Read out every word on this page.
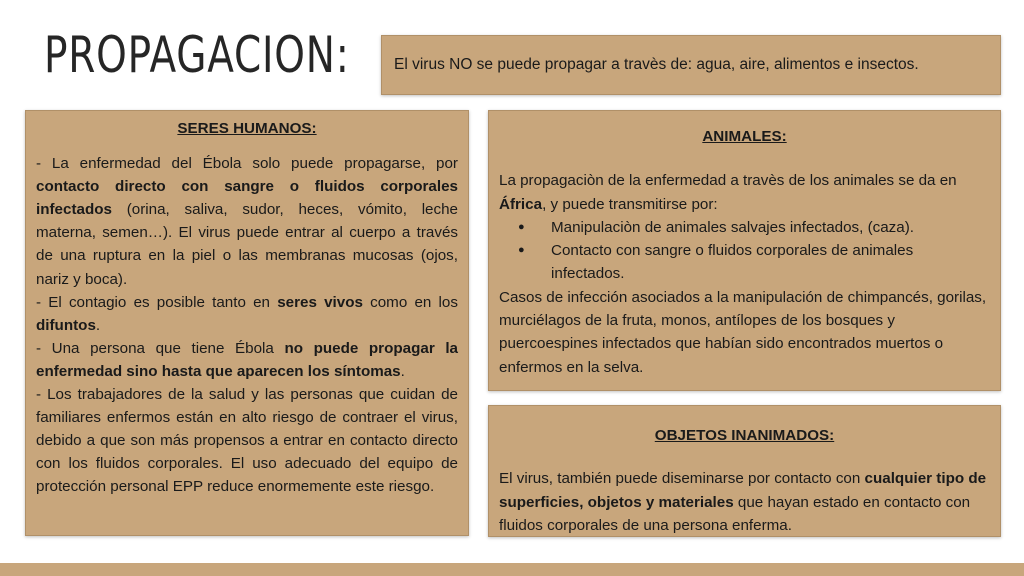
PROPAGACION:	El virus NO se puede propagar a travès de: agua, aire, alimentos e insectos.

SERES HUMANOS:

- La enfermedad del Ébola solo puede propagarse, por contacto directo con sangre o fluidos corporales infectados (orina, saliva, sudor, heces, vómito, leche materna, semen…). El virus puede entrar al cuerpo a través de una ruptura en la piel o las membranas mucosas (ojos, nariz y boca).

- El contagio es posible tanto en seres vivos como en los difuntos.

- Una persona que tiene Ébola no puede propagar la enfermedad sino hasta que aparecen los síntomas.

- Los trabajadores de la salud y las personas que cuidan de familiares enfermos están en alto riesgo de contraer el virus, debido a que son más propensos a entrar en contacto directo con los fluidos corporales. El uso adecuado del equipo de protección personal EPP reduce enormemente este riesgo.

ANIMALES:

La propagaciòn de la enfermedad a travès de los animales se da en África, y puede transmitirse por:

● Manipulaciòn de animales salvajes infectados, (caza).
● Contacto con sangre o fluidos corporales de animales infectados.

Casos de infección asociados a la manipulación de chimpancés, gorilas, murciélagos de la fruta, monos, antílopes de los bosques y puercoespines infectados que habían sido encontrados muertos o enfermos en la selva.

OBJETOS INANIMADOS:

El virus, también puede diseminarse por contacto con cualquier tipo de superficies, objetos y materiales que hayan estado en contacto con fluidos corporales de una persona enferma.
